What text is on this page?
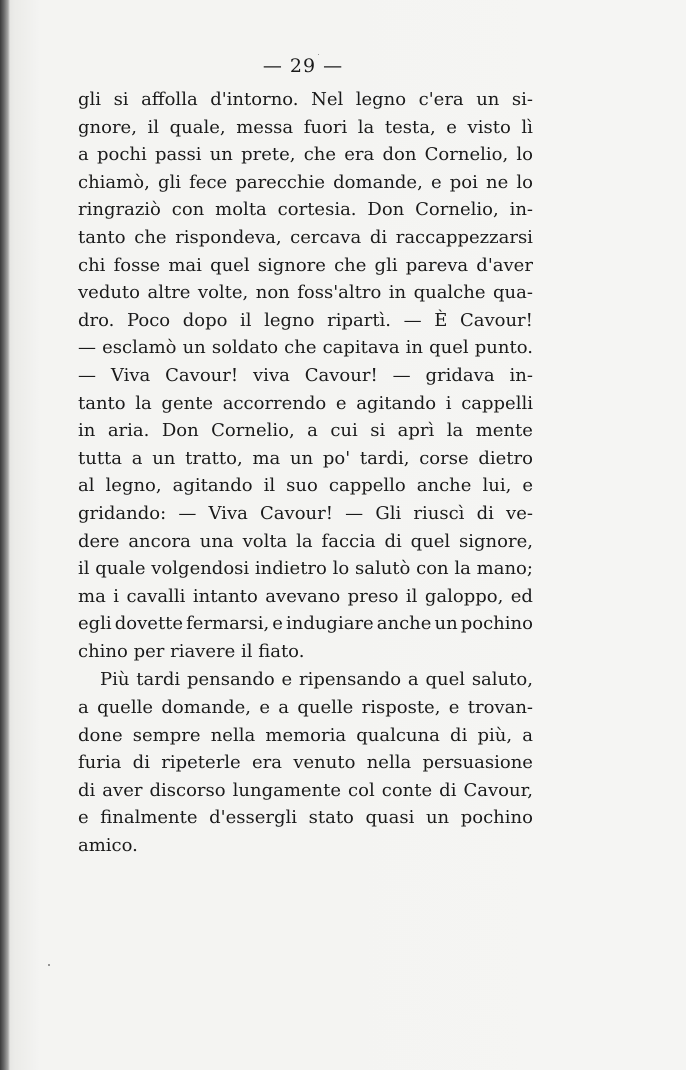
— 29 —
gli si affolla d'intorno. Nel legno c'era un si-
gnore, il quale, messa fuori la testa, e visto lì
a pochi passi un prete, che era don Cornelio, lo
chiamò, gli fece parecchie domande, e poi ne lo
ringraziò con molta cortesia. Don Cornelio, in-
tanto che rispondeva, cercava di raccappezzarsi
chi fosse mai quel signore che gli pareva d'aver
veduto altre volte, non foss'altro in qualche qua-
dro. Poco dopo il legno ripartì. — È Cavour!
— esclamò un soldato che capitava in quel punto.
— Viva Cavour! viva Cavour! — gridava in-
tanto la gente accorrendo e agitando i cappelli
in aria. Don Cornelio, a cui si aprì la mente
tutta a un tratto, ma un po' tardi, corse dietro
al legno, agitando il suo cappello anche lui, e
gridando: — Viva Cavour! — Gli riuscì di ve-
dere ancora una volta la faccia di quel signore,
il quale volgendosi indietro lo salutò con la mano;
ma i cavalli intanto avevano preso il galoppo, ed
egli dovette fermarsi, e indugiare anche un pochino
chino per riavere il fiato.
Più tardi pensando e ripensando a quel saluto,
a quelle domande, e a quelle risposte, e trovan-
done sempre nella memoria qualcuna di più, a
furia di ripeterle era venuto nella persuasione
di aver discorso lungamente col conte di Cavour,
e finalmente d'essergli stato quasi un pochino
amico.
